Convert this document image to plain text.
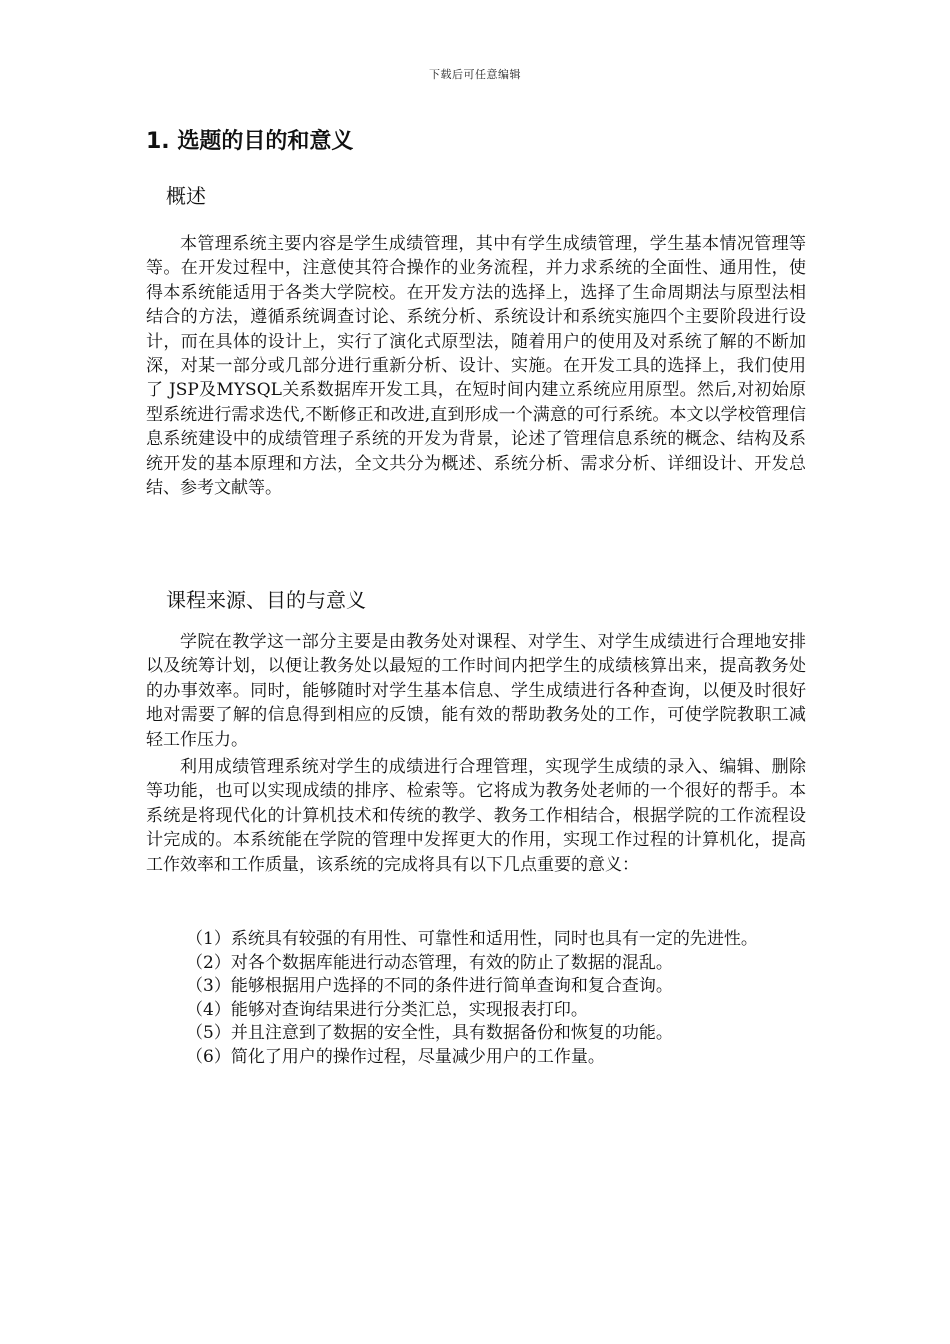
下载后可任意编辑
1. 选题的目的和意义
概述

本管理系统主要内容是学生成绩管理，其中有学生成绩管理，学生基本情况管理等等。在开发过程中，注意使其符合操作的业务流程，并力求系统的全面性、通用性，使得本系统能适用于各类大学院校。在开发方法的选择上，选择了生命周期法与原型法相结合的方法，遵循系统调查讨论、系统分析、系统设计和系统实施四个主要阶段进行设计，而在具体的设计上，实行了演化式原型法，随着用户的使用及对系统了解的不断加深，对某一部分或几部分进行重新分析、设计、实施。在开发工具的选择上，我们使用了 JSP及MYSQL关系数据库开发工具，在短时间内建立系统应用原型。然后,对初始原型系统进行需求迭代,不断修正和改进,直到形成一个满意的可行系统。本文以学校管理信息系统建设中的成绩管理子系统的开发为背景，论述了管理信息系统的概念、结构及系统开发的基本原理和方法，全文共分为概述、系统分析、需求分析、详细设计、开发总结、参考文献等。

课程来源、目的与意义

学院在教学这一部分主要是由教务处对课程、对学生、对学生成绩进行合理地安排以及统筹计划，以便让教务处以最短的工作时间内把学生的成绩核算出来，提高教务处的办事效率。同时，能够随时对学生基本信息、学生成绩进行各种查询，以便及时很好地对需要了解的信息得到相应的反馈，能有效的帮助教务处的工作，可使学院教职工减轻工作压力。

利用成绩管理系统对学生的成绩进行合理管理，实现学生成绩的录入、编辑、删除等功能，也可以实现成绩的排序、检索等。它将成为教务处老师的一个很好的帮手。本系统是将现代化的计算机技术和传统的教学、教务工作相结合，根据学院的工作流程设计完成的。本系统能在学院的管理中发挥更大的作用，实现工作过程的计算机化，提高工作效率和工作质量，该系统的完成将具有以下几点重要的意义：

（1）系统具有较强的有用性、可靠性和适用性，同时也具有一定的先进性。
（2）对各个数据库能进行动态管理，有效的防止了数据的混乱。
（3）能够根据用户选择的不同的条件进行简单查询和复合查询。
（4）能够对查询结果进行分类汇总，实现报表打印。
（5）并且注意到了数据的安全性，具有数据备份和恢复的功能。
（6）简化了用户的操作过程，尽量减少用户的工作量。
